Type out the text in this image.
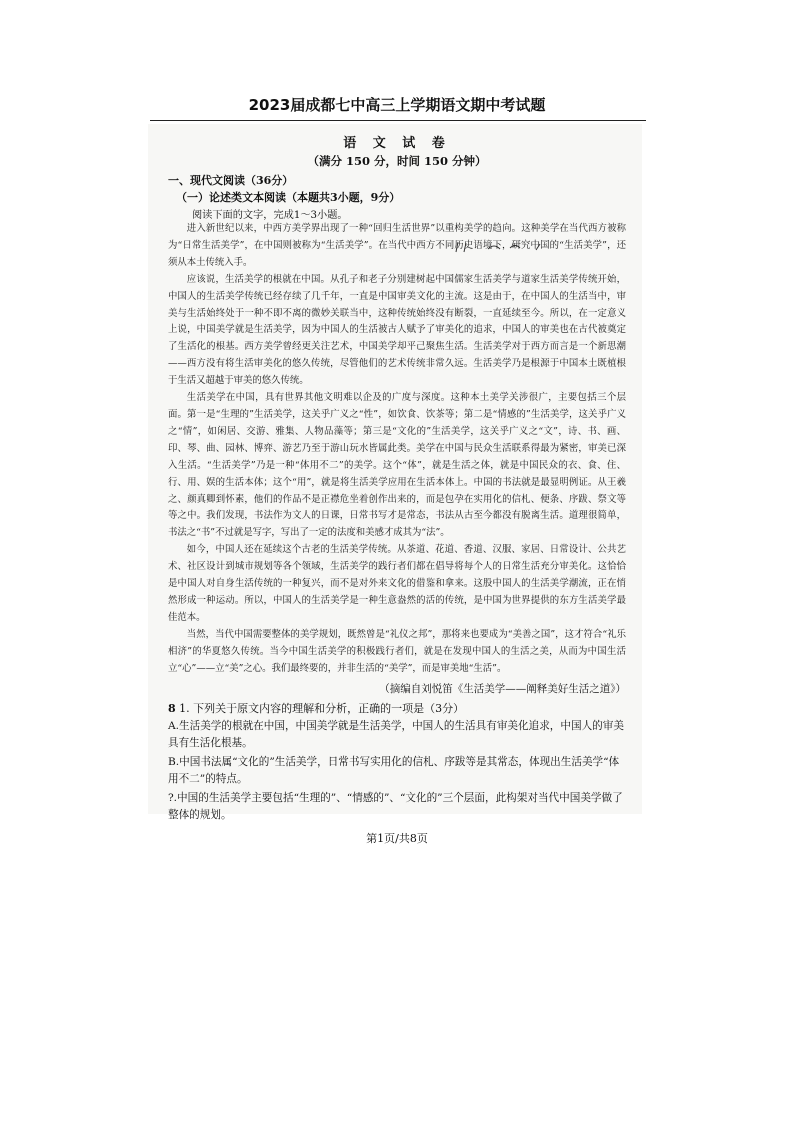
2023届成都七中高三上学期语文期中考试题
语 文 试 卷
（满分 150 分，时间 150 分钟）
一、现代文阅读（36分）
（一）论述类文本阅读（本题共3小题，9分）
阅读下面的文字，完成1～3小题。

进入新世纪以来，中西方美学界出现了一种“回归生活世界”以重构美学的趋向。这种美学在当代西方被称为“日常生活美学”，在中国则被称为“生活美学”。在当代中西方不同历史语境下，研究中国的“生活美学”，还须从本土传统入手。

应该说，生活美学的根就在中国。从孔子和老子分别建树起中国儒家生活美学与道家生活美学传统开始，中国人的生活美学传统已经存续了几千年，一直是中国审美文化的主流。这是由于，在中国人的生活当中，审美与生活始终处于一种不即不离的微妙关联当中，这种传统始终没有断裂，一直延续至今。所以，在一定意义上说，中国美学就是生活美学，因为中国人的生活被古人赋予了审美化的追求，中国人的审美也在古代被奠定了生活化的根基。西方美学曾经更关注艺术，中国美学却平己聚焦生活。生活美学对于西方而言是一个新思潮——西方没有将生活审美化的悠久传统，尽管他们的艺术传统非常久远。生活美学乃是根源于中国本土既植根于生活又超越于审美的悠久传统。

生活美学在中国，具有世界其他文明难以企及的广度与深度。这种本土美学关涉很广，主要包括三个层面。第一是“生理的”生活美学，这关乎广义之“性”，如饮食、饮茶等；第二是“情感的”生活美学，这关乎广义之“情”，如闲居、交游、雅集、人物品藻等；第三是“文化的”生活美学，这关乎广义之“文”，诗、书、画、印、琴、曲、园林、博弈、游艺乃至于游山玩水皆属此类。美学在中国与民众生活联系得最为紧密，审美已深入生活。“生活美学”乃是一种“体用不二”的美学。这个“体”，就是生活之体，就是中国民众的衣、食、住、行、用、娱的生活本体；这个“用”，就是将生活美学应用在生活本体上。中国的书法就是最显明例证。从王羲之、颜真卿到怀素，他们的作品不是正襟危坐着创作出来的，而是包孕在实用化的信札、便条、序跋、祭文等等之中。我们发现，书法作为文人的日课，日常书写才是常态，书法从古至今都没有脱离生活。道理很简单，书法之“书”不过就是写字，写出了一定的法度和美感才成其为“法”。

如今，中国人还在延续这个古老的生活美学传统。从茶道、花道、香道、汉服、家居、日常设计、公共艺术、社区设计到城市规划等各个领域，生活美学的践行者们都在倡导将每个人的日常生活充分审美化。这恰恰是中国人对自身生活传统的一种复兴，而不是对外来文化的借鉴和拿来。这股中国人的生活美学潮流，正在悄然形成一种运动。所以，中国人的生活美学是一种生意盎然的活的传统，是中国为世界提供的东方生活美学最佳范本。

当然，当代中国需要整体的美学规划，既然曾是“礼仪之邦”，那将来也要成为“美善之国”，这才符合“礼乐相济”的华夏悠久传统。当今中国生活美学的积极践行者们，就是在发现中国人的生活之美，从而为中国生活立“心”——立“美”之心。我们最终要的，并非生活的“美学”，而是审美地“生活”。

（摘编自刘悦笛《生活美学——阐释美好生活之道》）
8 1. 下列关于原文内容的理解和分析，正确的一项是（3分）
A.生活美学的根就在中国，中国美学就是生活美学，中国人的生活具有审美化追求，中国人的审美具有生活化根基。
B.中国书法属“文化的”生活美学，日常书写实用化的信札、序跋等是其常态，体现出生活美学“体用不二”的特点。
?.中国的生活美学主要包括“生理的”、“情感的”、“文化的”三个层面，此构架对当代中国美学做了整体的规划。
第1页/共8页
